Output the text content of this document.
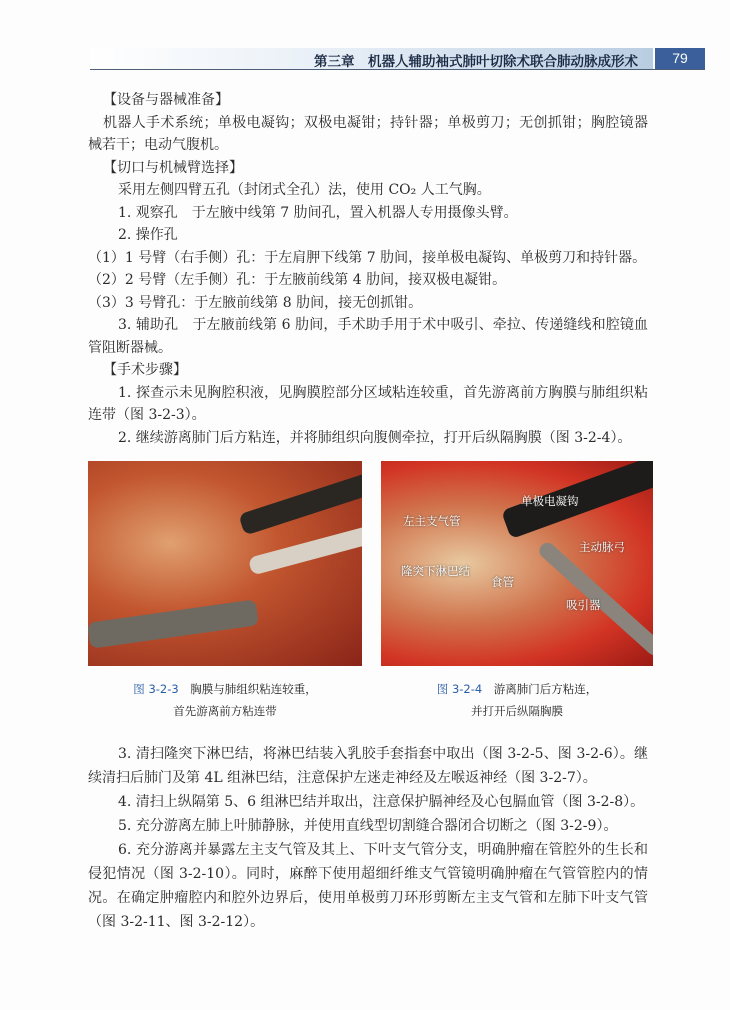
第三章　机器人辅助袖式肺叶切除术联合肺动脉成形术	79

【设备与器械准备】

机器人手术系统；单极电凝钩；双极电凝钳；持针器；单极剪刀；无创抓钳；胸腔镜器械若干；电动气腹机。

【切口与机械臂选择】

采用左侧四臂五孔（封闭式全孔）法，使用 CO₂ 人工气胸。

1. 观察孔　于左腋中线第 7 肋间孔，置入机器人专用摄像头臂。

2. 操作孔

（1）1 号臂（右手侧）孔：于左肩胛下线第 7 肋间，接单极电凝钩、单极剪刀和持针器。

（2）2 号臂（左手侧）孔：于左腋前线第 4 肋间，接双极电凝钳。

（3）3 号臂孔：于左腋前线第 8 肋间，接无创抓钳。

3. 辅助孔　于左腋前线第 6 肋间，手术助手用于术中吸引、牵拉、传递缝线和腔镜血管阻断器械。

【手术步骤】

1. 探查示未见胸腔积液，见胸膜腔部分区域粘连较重，首先游离前方胸膜与肺组织粘连带（图 3-2-3）。

2. 继续游离肺门后方粘连，并将肺组织向腹侧牵拉，打开后纵隔胸膜（图 3-2-4）。

单极电凝钩
左主支气管
主动脉弓
隆突下淋巴结
食管
吸引器
图 3-2-3　 胸膜与肺组织粘连较重，
首先游离前方粘连带
图 3-2-4　 游离肺门后方粘连，
并打开后纵隔胸膜

3. 清扫隆突下淋巴结，将淋巴结装入乳胶手套指套中取出（图 3-2-5、图 3-2-6）。继续清扫后肺门及第 4L 组淋巴结，注意保护左迷走神经及左喉返神经（图 3-2-7）。

4. 清扫上纵隔第 5、6 组淋巴结并取出，注意保护膈神经及心包膈血管（图 3-2-8）。

5. 充分游离左肺上叶肺静脉，并使用直线型切割缝合器闭合切断之（图 3-2-9）。

6. 充分游离并暴露左主支气管及其上、下叶支气管分支，明确肿瘤在管腔外的生长和侵犯情况（图 3-2-10）。同时，麻醉下使用超细纤维支气管镜明确肿瘤在气管管腔内的情况。在确定肿瘤腔内和腔外边界后，使用单极剪刀环形剪断左主支气管和左肺下叶支气管（图 3-2-11、图 3-2-12）。
